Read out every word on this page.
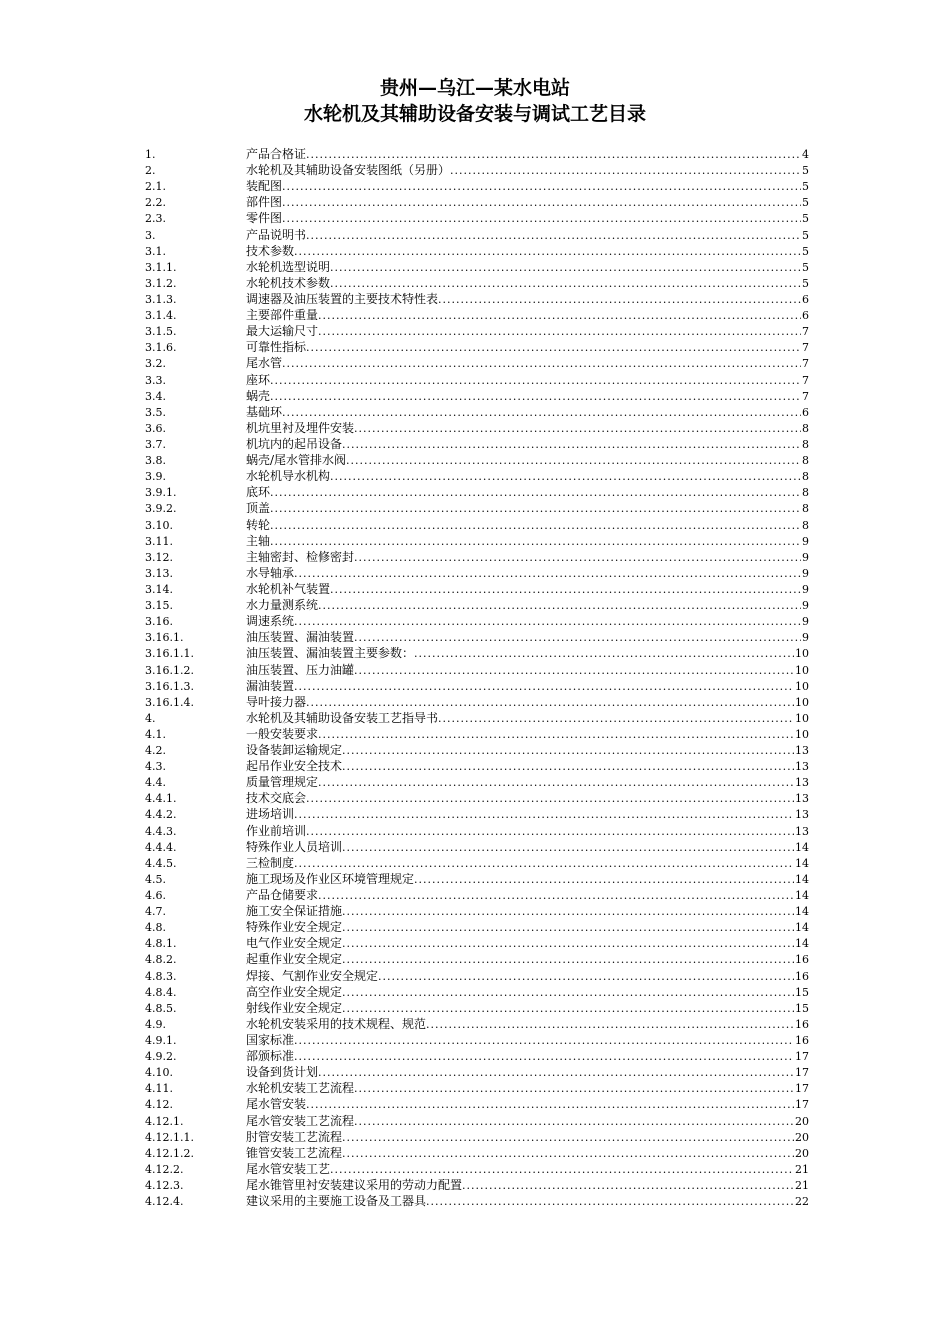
贵州—乌江—某水电站
水轮机及其辅助设备安装与调试工艺目录
1.	产品合格证 .....	4
2.	水轮机及其辅助设备安装图纸（另册） .....	5
2.1.	装配图 .....	5
2.2.	部件图 .....	5
2.3.	零件图 .....	5
3.	产品说明书 .....	5
3.1.	技术参数 .....	5
3.1.1.	水轮机选型说明 .....	5
3.1.2.	水轮机技术参数 .....	5
3.1.3.	调速器及油压装置的主要技术特性表 .....	6
3.1.4.	主要部件重量 .....	6
3.1.5.	最大运输尺寸 .....	7
3.1.6.	可靠性指标 .....	7
3.2.	尾水管 .....	7
3.3.	座环 .....	7
3.4.	蜗壳 .....	7
3.5.	基础环 .....	6
3.6.	机坑里衬及埋件安装 .....	8
3.7.	机坑内的起吊设备 .....	8
3.8.	蜗壳/尾水管排水阀 .....	8
3.9.	水轮机导水机构 .....	8
3.9.1.	底环 .....	8
3.9.2.	顶盖 .....	8
3.10.	转轮 .....	8
3.11.	主轴 .....	9
3.12.	主轴密封、检修密封 .....	9
3.13.	水导轴承 .....	9
3.14.	水轮机补气装置 .....	9
3.15.	水力量测系统 .....	9
3.16.	调速系统 .....	9
3.16.1.	油压装置、漏油装置 .....	9
3.16.1.1.	油压装置、漏油装置主要参数： .....	10
3.16.1.2.	油压装置、压力油罐 .....	10
3.16.1.3.	漏油装置 .....	10
3.16.1.4.	导叶接力器 .....	10
4.	水轮机及其辅助设备安装工艺指导书 .....	10
4.1.	一般安装要求 .....	10
4.2.	设备装卸运输规定 .....	13
4.3.	起吊作业安全技术 .....	13
4.4.	质量管理规定 .....	13
4.4.1.	技术交底会 .....	13
4.4.2.	进场培训 .....	13
4.4.3.	作业前培训 .....	13
4.4.4.	特殊作业人员培训 .....	14
4.4.5.	三检制度 .....	14
4.5.	施工现场及作业区环境管理规定 .....	14
4.6.	产品仓储要求 .....	14
4.7.	施工安全保证措施 .....	14
4.8.	特殊作业安全规定 .....	14
4.8.1.	电气作业安全规定 .....	14
4.8.2.	起重作业安全规定 .....	16
4.8.3.	焊接、气割作业安全规定 .....	16
4.8.4.	高空作业安全规定 .....	15
4.8.5.	射线作业安全规定 .....	15
4.9.	水轮机安装采用的技术规程、规范 .....	16
4.9.1.	国家标准 .....	16
4.9.2.	部颁标准 .....	17
4.10.	设备到货计划 .....	17
4.11.	水轮机安装工艺流程 .....	17
4.12.	尾水管安装 .....	17
4.12.1.	尾水管安装工艺流程 .....	20
4.12.1.1.	肘管安装工艺流程 .....	20
4.12.1.2.	锥管安装工艺流程 .....	20
4.12.2.	尾水管安装工艺 .....	21
4.12.3.	尾水锥管里衬安装建议采用的劳动力配置 .....	21
4.12.4.	建议采用的主要施工设备及工器具 .....	22
